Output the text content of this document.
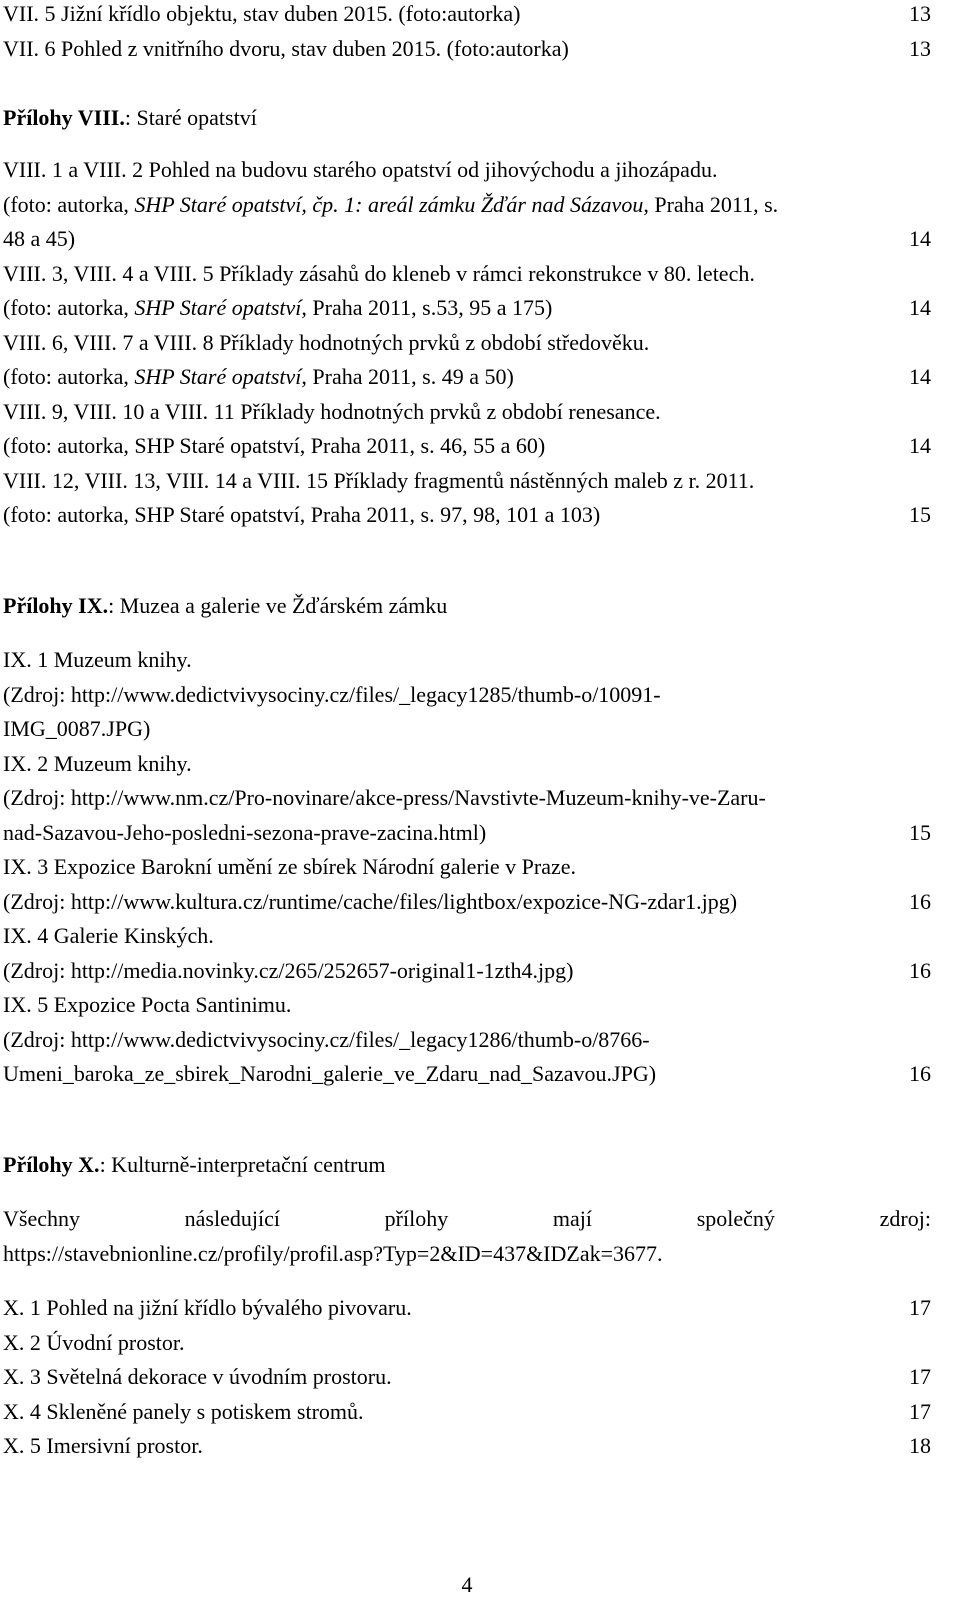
VII. 5 Jižní křídlo objektu, stav duben 2015. (foto:autorka)	13
VII. 6 Pohled z vnitřního dvoru, stav duben 2015. (foto:autorka)	13
Přílohy VIII.: Staré opatství
VIII. 1 a VIII. 2 Pohled na budovu starého opatství od jihovýchodu a jihozápadu.
(foto: autorka, SHP Staré opatství, čp. 1: areál zámku Žďár nad Sázavou, Praha 2011, s.
48 a 45)	14
VIII. 3, VIII. 4 a VIII. 5 Příklady zásahů do kleneb v rámci rekonstrukce v 80. letech.
(foto: autorka, SHP Staré opatství, Praha 2011, s.53, 95 a 175)	14
VIII. 6, VIII. 7 a VIII. 8 Příklady hodnotných prvků z období středověku.
(foto: autorka, SHP Staré opatství, Praha 2011, s. 49 a 50)	14
VIII. 9, VIII. 10 a VIII. 11 Příklady hodnotných prvků z období renesance.
(foto: autorka, SHP Staré opatství, Praha 2011, s. 46, 55 a 60)	14
VIII. 12, VIII. 13, VIII. 14 a VIII. 15 Příklady fragmentů nástěnných maleb z r. 2011.
(foto: autorka, SHP Staré opatství, Praha 2011, s. 97, 98, 101 a 103)	15
Přílohy IX.: Muzea a galerie ve Žďárském zámku
IX. 1 Muzeum knihy.
(Zdroj: http://www.dedictvivysociny.cz/files/_legacy1285/thumb-o/10091-
IMG_0087.JPG)
IX. 2 Muzeum knihy.
(Zdroj: http://www.nm.cz/Pro-novinare/akce-press/Navstivte-Muzeum-knihy-ve-Zaru-
nad-Sazavou-Jeho-posledni-sezona-prave-zacina.html)	15
IX. 3 Expozice Barokní umění ze sbírek Národní galerie v Praze.
(Zdroj: http://www.kultura.cz/runtime/cache/files/lightbox/expozice-NG-zdar1.jpg)	16
IX. 4 Galerie Kinských.
(Zdroj: http://media.novinky.cz/265/252657-original1-1zth4.jpg)	16
IX. 5 Expozice Pocta Santinimu.
(Zdroj: http://www.dedictvivysociny.cz/files/_legacy1286/thumb-o/8766-
Umeni_baroka_ze_sbirek_Narodni_galerie_ve_Zdaru_nad_Sazavou.JPG)	16
Přílohy X.: Kulturně-interpretační centrum
Všechny	následující	přílohy	mají	společný	zdroj:
https://stavebnionline.cz/profily/profil.asp?Typ=2&ID=437&IDZak=3677.
X. 1 Pohled na jižní křídlo bývalého pivovaru.	17
X. 2 Úvodní prostor.
X. 3 Světelná dekorace v úvodním prostoru.	17
X. 4 Skleněné panely s potiskem stromů.	17
X. 5 Imersivní prostor.	18
4
